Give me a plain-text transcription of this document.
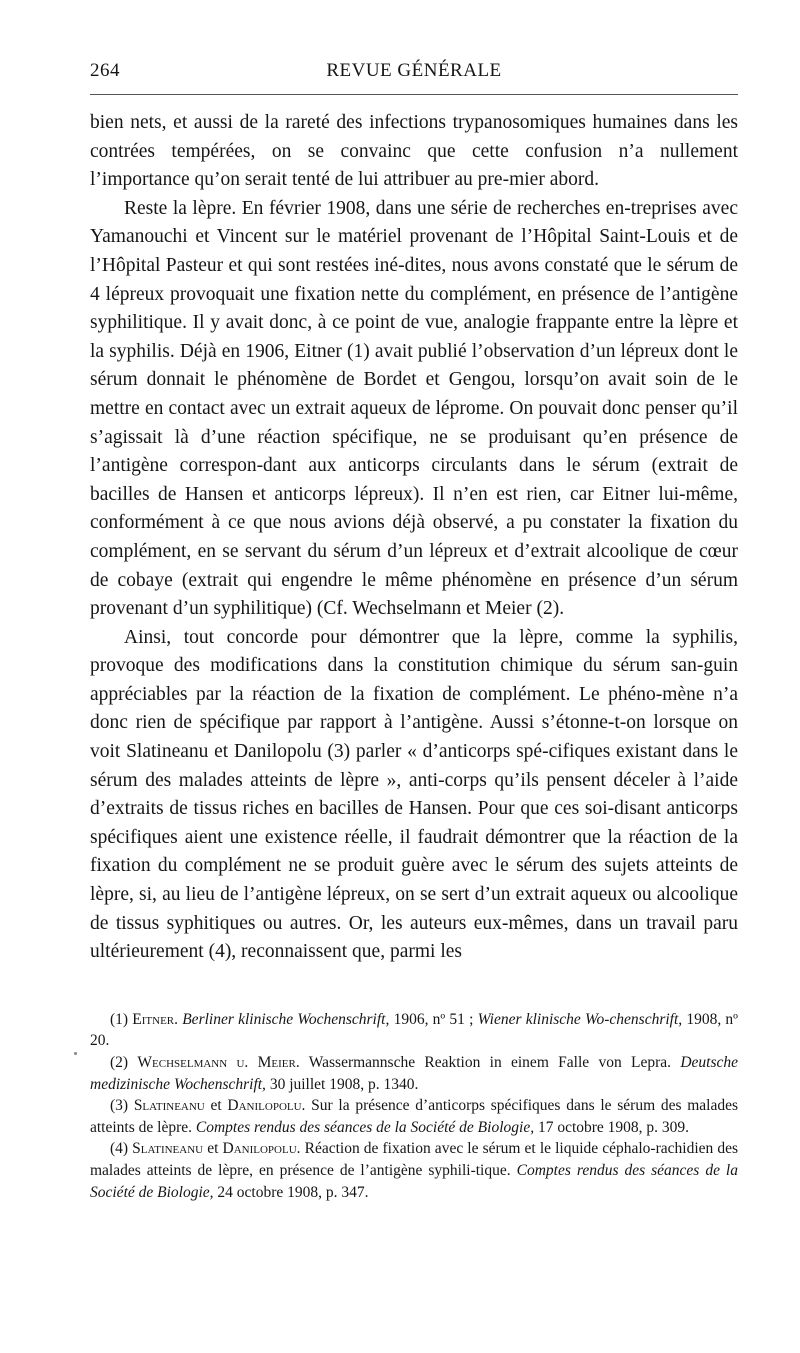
264	REVUE GÉNÉRALE

bien nets, et aussi de la rareté des infections trypanosomiques humaines dans les contrées tempérées, on se convainc que cette confusion n’a nullement l’importance qu’on serait tenté de lui attribuer au pre-mier abord.

Reste la lèpre. En février 1908, dans une série de recherches en-treprises avec Yamanouchi et Vincent sur le matériel provenant de l’Hôpital Saint-Louis et de l’Hôpital Pasteur et qui sont restées iné-dites, nous avons constaté que le sérum de 4 lépreux provoquait une fixation nette du complément, en présence de l’antigène syphilitique. Il y avait donc, à ce point de vue, analogie frappante entre la lèpre et la syphilis. Déjà en 1906, Eitner (1) avait publié l’observation d’un lépreux dont le sérum donnait le phénomène de Bordet et Gengou, lorsqu’on avait soin de le mettre en contact avec un extrait aqueux de léprome. On pouvait donc penser qu’il s’agissait là d’une réaction spécifique, ne se produisant qu’en présence de l’antigène correspon-dant aux anticorps circulants dans le sérum (extrait de bacilles de Hansen et anticorps lépreux). Il n’en est rien, car Eitner lui-même, conformément à ce que nous avions déjà observé, a pu constater la fixation du complément, en se servant du sérum d’un lépreux et d’extrait alcoolique de cœur de cobaye (extrait qui engendre le même phénomène en présence d’un sérum provenant d’un syphilitique) (Cf. Wechselmann et Meier (2).

Ainsi, tout concorde pour démontrer que la lèpre, comme la syphilis, provoque des modifications dans la constitution chimique du sérum san-guin appréciables par la réaction de la fixation de complément. Le phéno-mène n’a donc rien de spécifique par rapport à l’antigène. Aussi s’étonne-t-on lorsque on voit Slatineanu et Danilopolu (3) parler « d’anticorps spé-cifiques existant dans le sérum des malades atteints de lèpre », anti-corps qu’ils pensent déceler à l’aide d’extraits de tissus riches en bacilles de Hansen. Pour que ces soi-disant anticorps spécifiques aient une existence réelle, il faudrait démontrer que la réaction de la fixation du complément ne se produit guère avec le sérum des sujets atteints de lèpre, si, au lieu de l’antigène lépreux, on se sert d’un extrait aqueux ou alcoolique de tissus syphitiques ou autres. Or, les auteurs eux-mêmes, dans un travail paru ultérieurement (4), reconnaissent que, parmi les

(1) Eitner. Berliner klinische Wochenschrift, 1906, nº 51 ; Wiener klinische Wo-chenschrift, 1908, nº 20.

(2) Wechselmann u. Meier. Wassermannsche Reaktion in einem Falle von Lepra. Deutsche medizinische Wochenschrift, 30 juillet 1908, p. 1340.

(3) Slatineanu et Danilopolu. Sur la présence d’anticorps spécifiques dans le sérum des malades atteints de lèpre. Comptes rendus des séances de la Société de Biologie, 17 octobre 1908, p. 309.

(4) Slatineanu et Danilopolu. Réaction de fixation avec le sérum et le liquide céphalo-rachidien des malades atteints de lèpre, en présence de l’antigène syphili-tique. Comptes rendus des séances de la Société de Biologie, 24 octobre 1908, p. 347.
